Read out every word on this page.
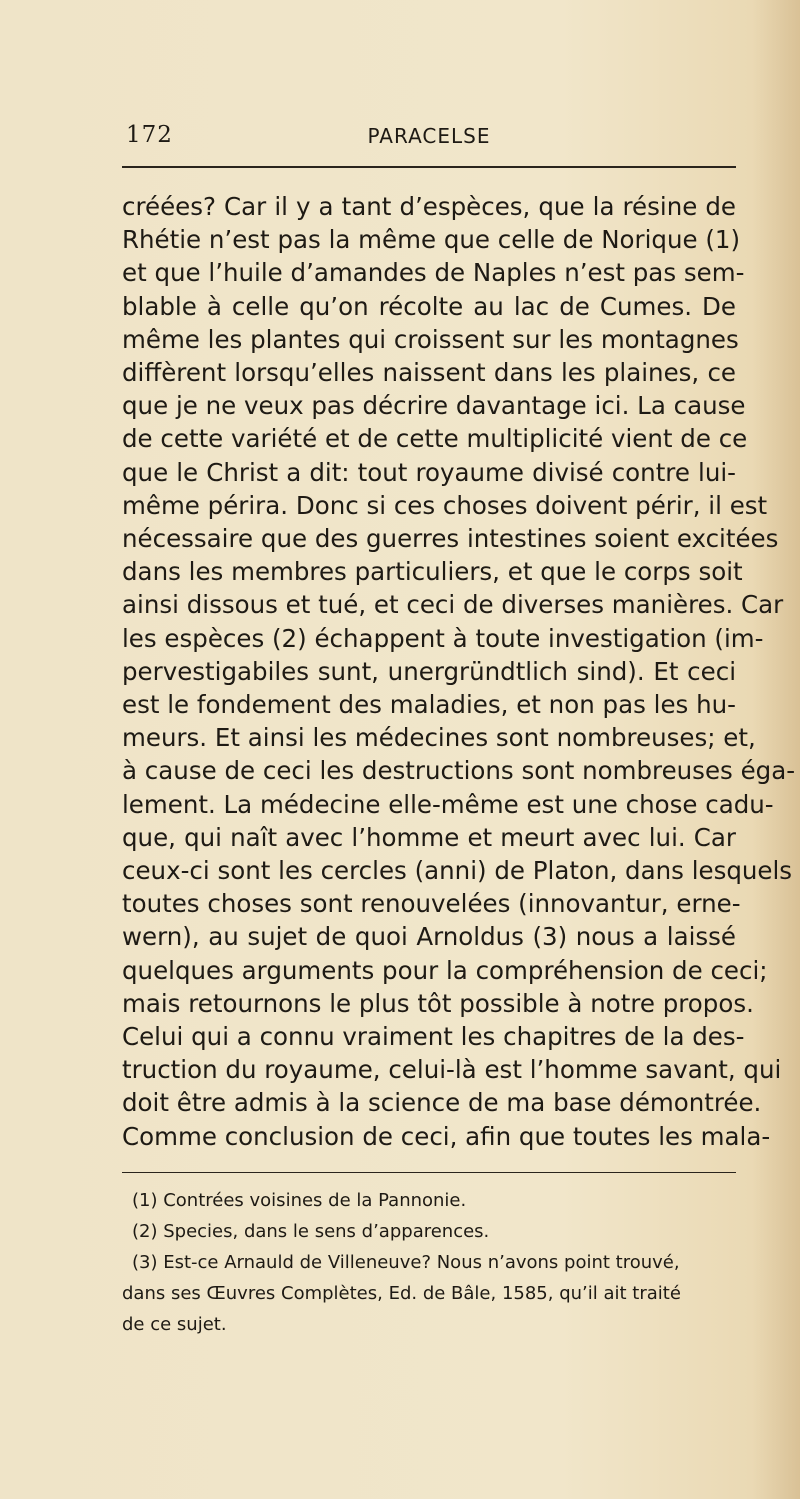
172	PARACELSE
créées? Car il y a tant d’espèces, que la résine de
Rhétie n’est pas la même que celle de Norique (1)
et que l’huile d’amandes de Naples n’est pas sem-
blable à celle qu’on récolte au lac de Cumes. De
même les plantes qui croissent sur les montagnes
diffèrent lorsqu’elles naissent dans les plaines, ce
que je ne veux pas décrire davantage ici. La cause
de cette variété et de cette multiplicité vient de ce
que le Christ a dit: tout royaume divisé contre lui-
même périra. Donc si ces choses doivent périr, il est
nécessaire que des guerres intestines soient excitées
dans les membres particuliers, et que le corps soit
ainsi dissous et tué, et ceci de diverses manières. Car
les espèces (2) échappent à toute investigation (im-
pervestigabiles sunt, unergründtlich sind). Et ceci
est le fondement des maladies, et non pas les hu-
meurs. Et ainsi les médecines sont nombreuses; et,
à cause de ceci les destructions sont nombreuses éga-
lement. La médecine elle-même est une chose cadu-
que, qui naît avec l’homme et meurt avec lui. Car
ceux-ci sont les cercles (anni) de Platon, dans lesquels
toutes choses sont renouvelées (innovantur, erne-
wern), au sujet de quoi Arnoldus (3) nous a laissé
quelques arguments pour la compréhension de ceci;
mais retournons le plus tôt possible à notre propos.
Celui qui a connu vraiment les chapitres de la des-
truction du royaume, celui-là est l’homme savant, qui
doit être admis à la science de ma base démontrée.
Comme conclusion de ceci, afin que toutes les mala-
(1) Contrées voisines de la Pannonie.
(2) Species, dans le sens d’apparences.
(3) Est-ce Arnauld de Villeneuve? Nous n’avons point trouvé,
dans ses Œuvres Complètes, Ed. de Bâle, 1585, qu’il ait traité
de ce sujet.
